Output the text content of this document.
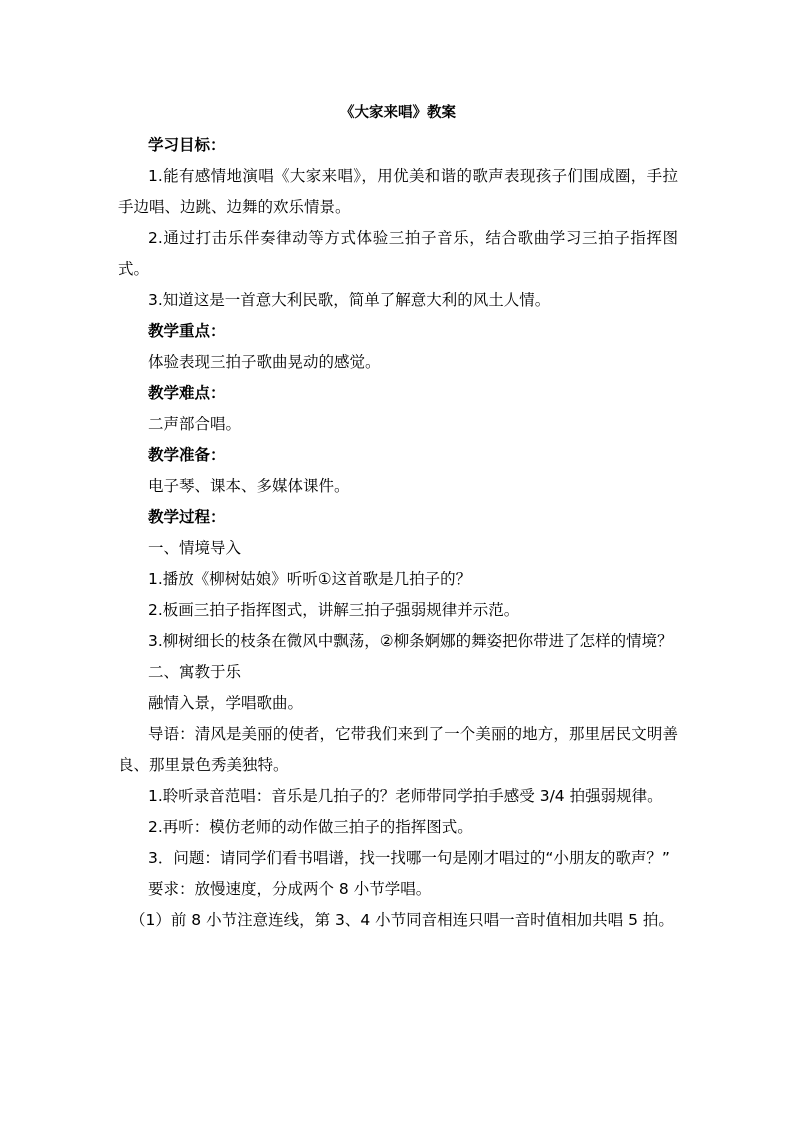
《大家来唱》教案
学习目标：
1.能有感情地演唱《大家来唱》，用优美和谐的歌声表现孩子们围成圈，手拉手边唱、边跳、边舞的欢乐情景。
2.通过打击乐伴奏律动等方式体验三拍子音乐，结合歌曲学习三拍子指挥图式。
3.知道这是一首意大利民歌，简单了解意大利的风土人情。
教学重点：
体验表现三拍子歌曲晃动的感觉。
教学难点：
二声部合唱。
教学准备：
电子琴、课本、多媒体课件。
教学过程：
一、情境导入
1.播放《柳树姑娘》听听①这首歌是几拍子的？
2.板画三拍子指挥图式，讲解三拍子强弱规律并示范。
3.柳树细长的枝条在微风中飘荡，②柳条婀娜的舞姿把你带进了怎样的情境？
二、寓教于乐
融情入景，学唱歌曲。
导语：清风是美丽的使者，它带我们来到了一个美丽的地方，那里居民文明善良、那里景色秀美独特。
1.聆听录音范唱：音乐是几拍子的？老师带同学拍手感受 3/4 拍强弱规律。
2.再听：模仿老师的动作做三拍子的指挥图式。
3．问题：请同学们看书唱谱，找一找哪一句是刚才唱过的“小朋友的歌声？”
要求：放慢速度，分成两个 8 小节学唱。
（1）前 8 小节注意连线，第 3、4 小节同音相连只唱一音时值相加共唱 5 拍。
